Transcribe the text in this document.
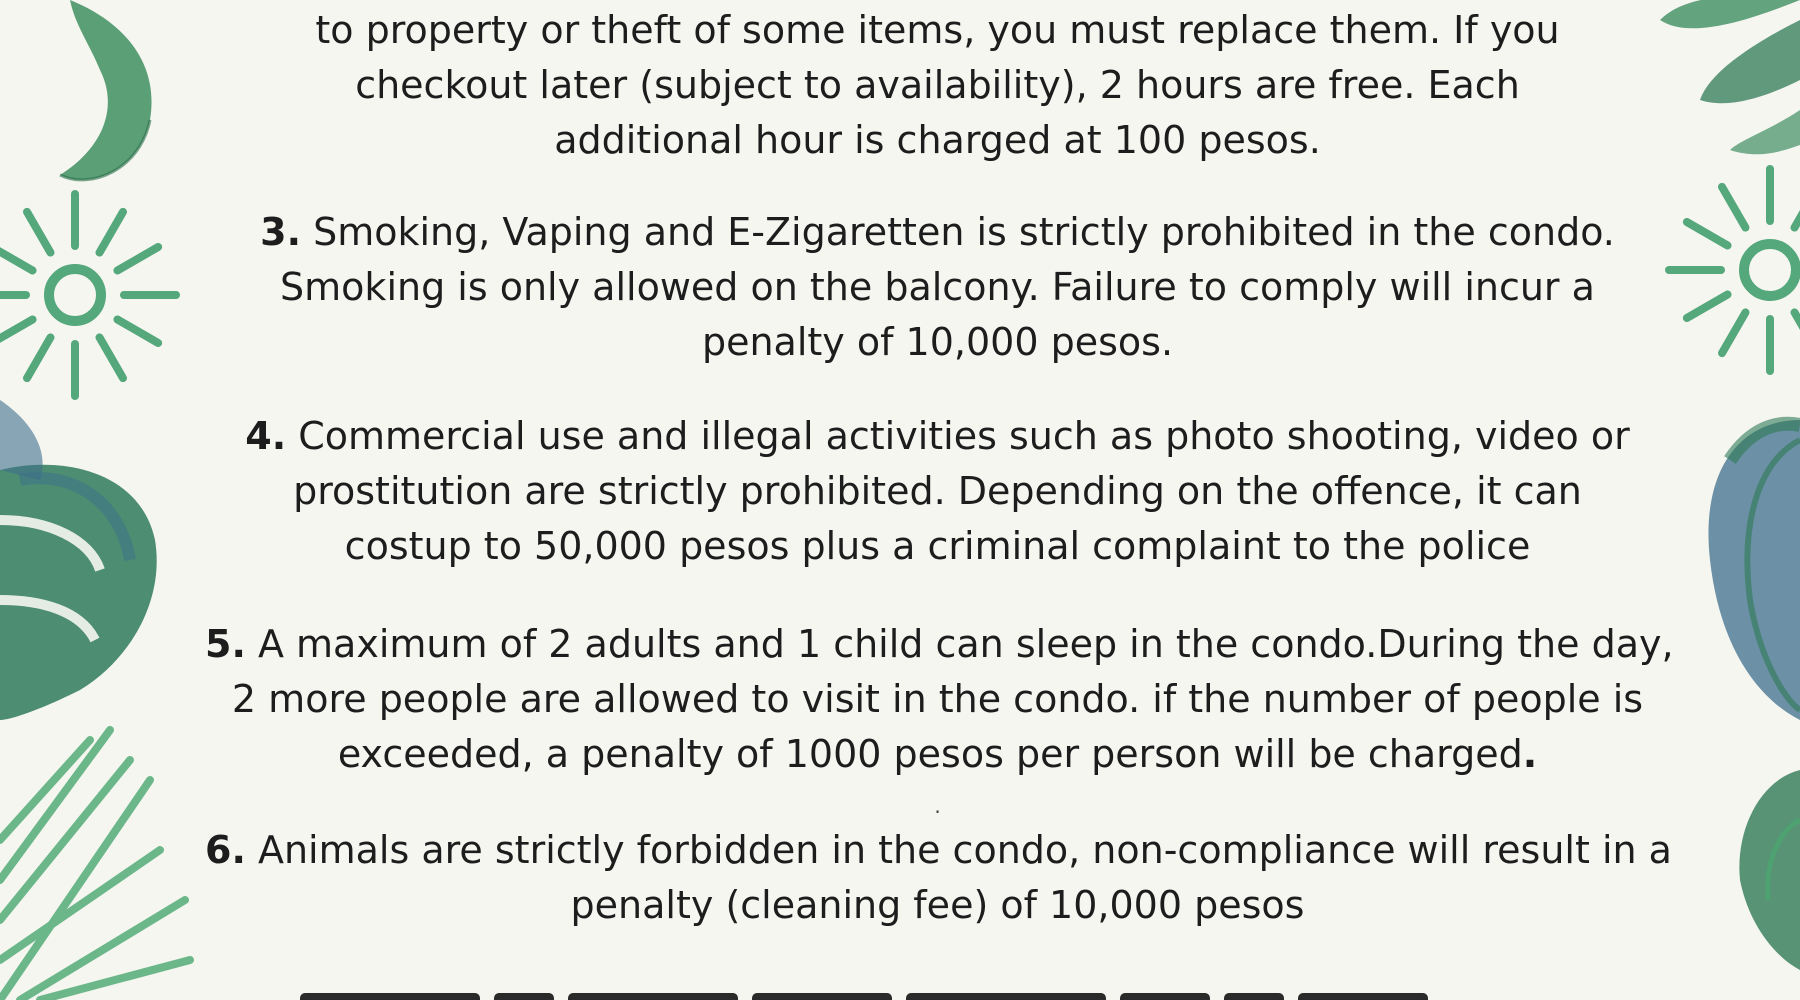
to property or theft of some items, you must replace them. If you
checkout later (subject to availability), 2 hours are free. Each
additional hour is charged at 100 pesos.
3. Smoking, Vaping and E-Zigaretten is strictly prohibited in the condo.
Smoking is only allowed on the balcony. Failure to comply will incur a
penalty of 10,000 pesos.
4. Commercial use and illegal activities such as photo shooting, video or
prostitution are strictly prohibited. Depending on the offence, it can
costup to 50,000 pesos plus a criminal complaint to the police
5. A maximum of 2 adults and 1 child can sleep in the condo.During the day,
2 more people are allowed to visit in the condo. if the number of people is
exceeded, a penalty of 1000 pesos per person will be charged.
.
6. Animals are strictly forbidden in the condo, non-compliance will result in a
penalty (cleaning fee) of 10,000 pesos
